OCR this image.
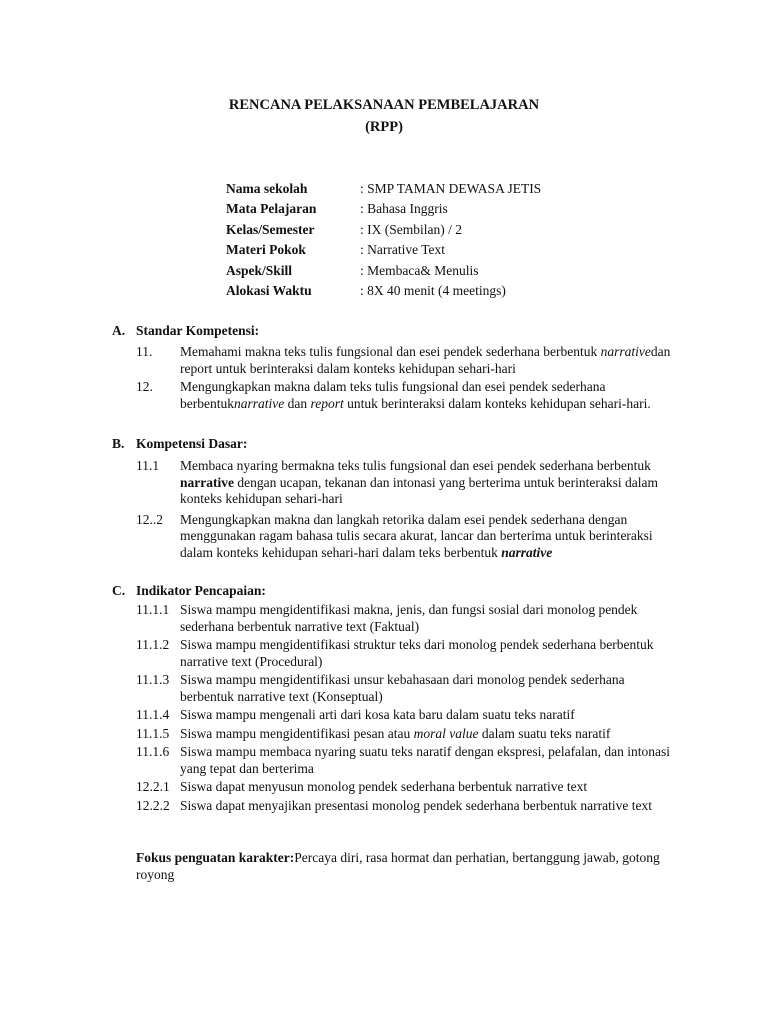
RENCANA PELAKSANAAN PEMBELAJARAN
(RPP)
Nama sekolah	: SMP TAMAN DEWASA JETIS
Mata Pelajaran	: Bahasa Inggris
Kelas/Semester	: IX (Sembilan) / 2
Materi Pokok	: Narrative Text
Aspek/Skill	: Membaca& Menulis
Alokasi Waktu	: 8X 40 menit (4 meetings)
A. Standar Kompetensi:
11.	Memahami makna teks tulis fungsional dan esei pendek sederhana berbentuk narrativedan report untuk berinteraksi dalam konteks kehidupan sehari-hari
12.	Mengungkapkan makna dalam teks tulis fungsional dan esei pendek sederhana berbentuknarrative dan report untuk berinteraksi dalam konteks kehidupan sehari-hari.
B. Kompetensi Dasar:
11.1	Membaca nyaring bermakna teks tulis fungsional dan esei pendek sederhana berbentuk narrative dengan ucapan, tekanan dan intonasi yang berterima untuk berinteraksi dalam konteks kehidupan sehari-hari
12..2	Mengungkapkan makna dan langkah retorika dalam esei pendek sederhana dengan menggunakan ragam bahasa tulis secara akurat, lancar dan berterima untuk berinteraksi dalam konteks kehidupan sehari-hari dalam teks berbentuk narrative
C. Indikator Pencapaian:
11.1.1 Siswa mampu mengidentifikasi makna, jenis, dan fungsi sosial dari monolog pendek sederhana berbentuk narrative text (Faktual)
11.1.2 Siswa mampu mengidentifikasi struktur teks dari monolog pendek sederhana berbentuk narrative text (Procedural)
11.1.3 Siswa mampu mengidentifikasi unsur kebahasaan dari monolog pendek sederhana berbentuk narrative text (Konseptual)
11.1.4 Siswa mampu mengenali arti dari kosa kata baru dalam suatu teks naratif
11.1.5 Siswa mampu mengidentifikasi pesan atau moral value dalam suatu teks naratif
11.1.6 Siswa mampu membaca nyaring suatu teks naratif dengan ekspresi, pelafalan, dan intonasi yang tepat dan berterima
12.2.1 Siswa dapat menyusun monolog pendek sederhana berbentuk narrative text
12.2.2 Siswa dapat menyajikan presentasi monolog pendek sederhana berbentuk narrative text
Fokus penguatan karakter:Percaya diri, rasa hormat dan perhatian, bertanggung jawab, gotong royong
